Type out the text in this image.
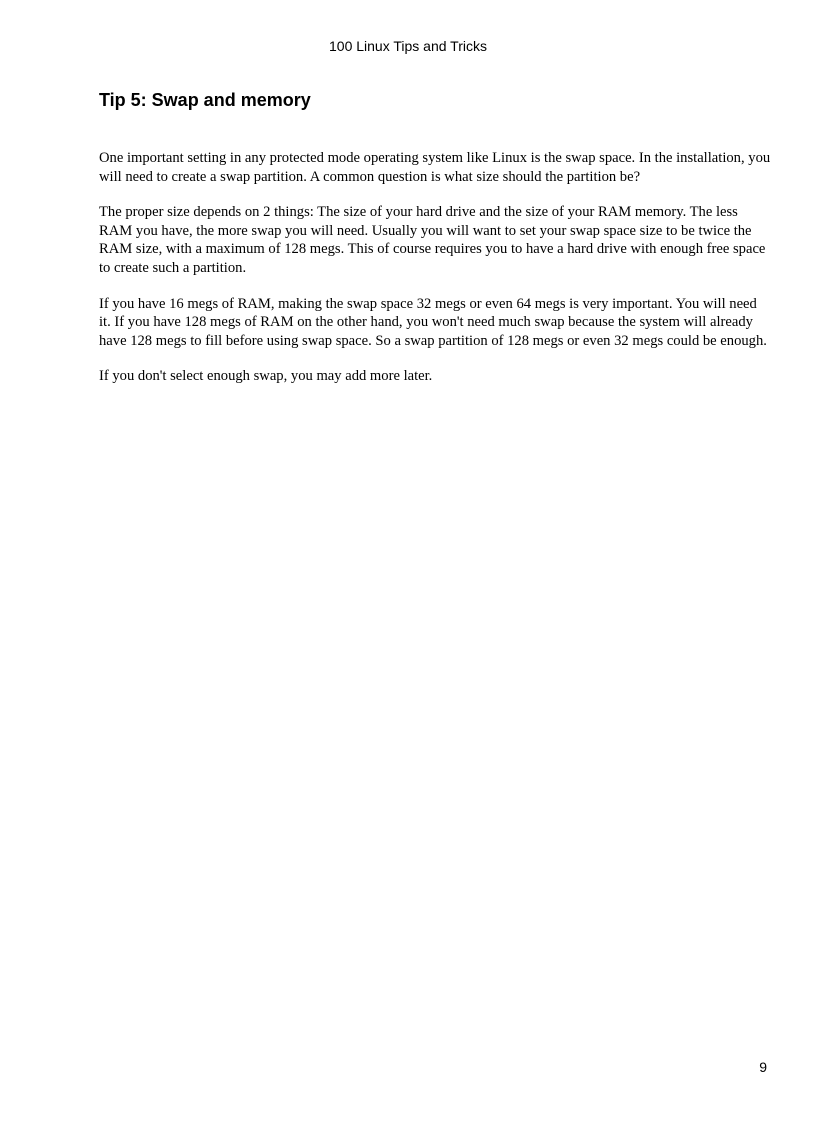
100 Linux Tips and Tricks
Tip 5: Swap and memory

One important setting in any protected mode operating system like Linux is the swap space. In the installation, you will need to create a swap partition. A common question is what size should the partition be?

The proper size depends on 2 things: The size of your hard drive and the size of your RAM memory. The less RAM you have, the more swap you will need. Usually you will want to set your swap space size to be twice the RAM size, with a maximum of 128 megs. This of course requires you to have a hard drive with enough free space to create such a partition.

If you have 16 megs of RAM, making the swap space 32 megs or even 64 megs is very important. You will need it. If you have 128 megs of RAM on the other hand, you won't need much swap because the system will already have 128 megs to fill before using swap space. So a swap partition of 128 megs or even 32 megs could be enough.

If you don't select enough swap, you may add more later.

9
